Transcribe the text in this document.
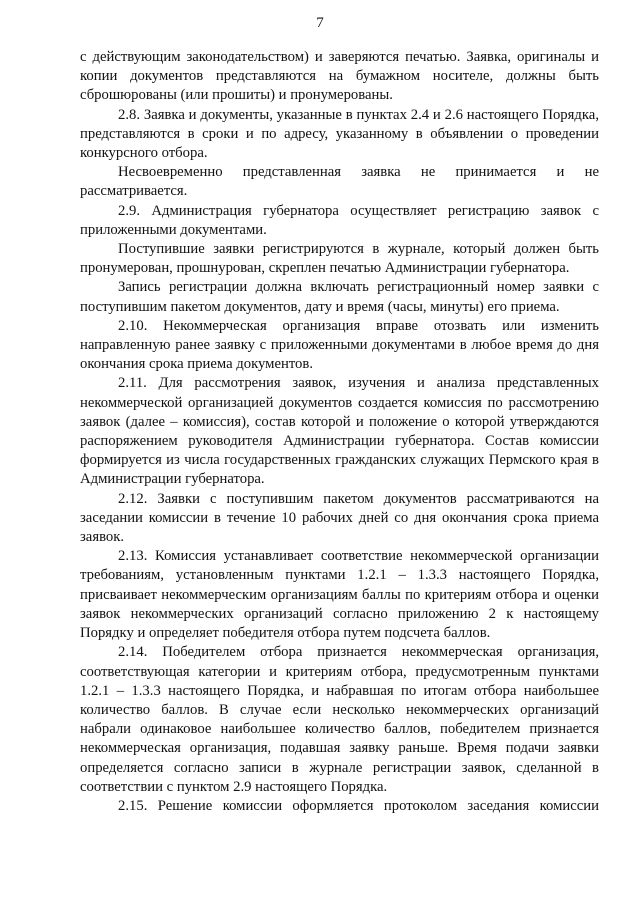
7

с действующим законодательством) и заверяются печатью. Заявка, оригиналы и копии документов представляются на бумажном носителе, должны быть сброшюрованы (или прошиты) и пронумерованы.

2.8. Заявка и документы, указанные в пунктах 2.4 и 2.6 настоящего Порядка, представляются в сроки и по адресу, указанному в объявлении о проведении конкурсного отбора.

Несвоевременно представленная заявка не принимается и не рассматривается.

2.9. Администрация губернатора осуществляет регистрацию заявок с приложенными документами.

Поступившие заявки регистрируются в журнале, который должен быть пронумерован, прошнурован, скреплен печатью Администрации губернатора.

Запись регистрации должна включать регистрационный номер заявки с поступившим пакетом документов, дату и время (часы, минуты) его приема.

2.10. Некоммерческая организация вправе отозвать или изменить направленную ранее заявку с приложенными документами в любое время до дня окончания срока приема документов.

2.11. Для рассмотрения заявок, изучения и анализа представленных некоммерческой организацией документов создается комиссия по рассмотрению заявок (далее – комиссия), состав которой и положение о которой утверждаются распоряжением руководителя Администрации губернатора. Состав комиссии формируется из числа государственных гражданских служащих Пермского края в Администрации губернатора.

2.12. Заявки с поступившим пакетом документов рассматриваются на заседании комиссии в течение 10 рабочих дней со дня окончания срока приема заявок.

2.13. Комиссия устанавливает соответствие некоммерческой организации требованиям, установленным пунктами 1.2.1 – 1.3.3 настоящего Порядка, присваивает некоммерческим организациям баллы по критериям отбора и оценки заявок некоммерческих организаций согласно приложению 2 к настоящему Порядку и определяет победителя отбора путем подсчета баллов.

2.14. Победителем отбора признается некоммерческая организация, соответствующая категории и критериям отбора, предусмотренным пунктами 1.2.1 – 1.3.3 настоящего Порядка, и набравшая по итогам отбора наибольшее количество баллов. В случае если несколько некоммерческих организаций набрали одинаковое наибольшее количество баллов, победителем признается некоммерческая организация, подавшая заявку раньше. Время подачи заявки определяется согласно записи в журнале регистрации заявок, сделанной в соответствии с пунктом 2.9 настоящего Порядка.

2.15. Решение комиссии оформляется протоколом заседания комиссии
